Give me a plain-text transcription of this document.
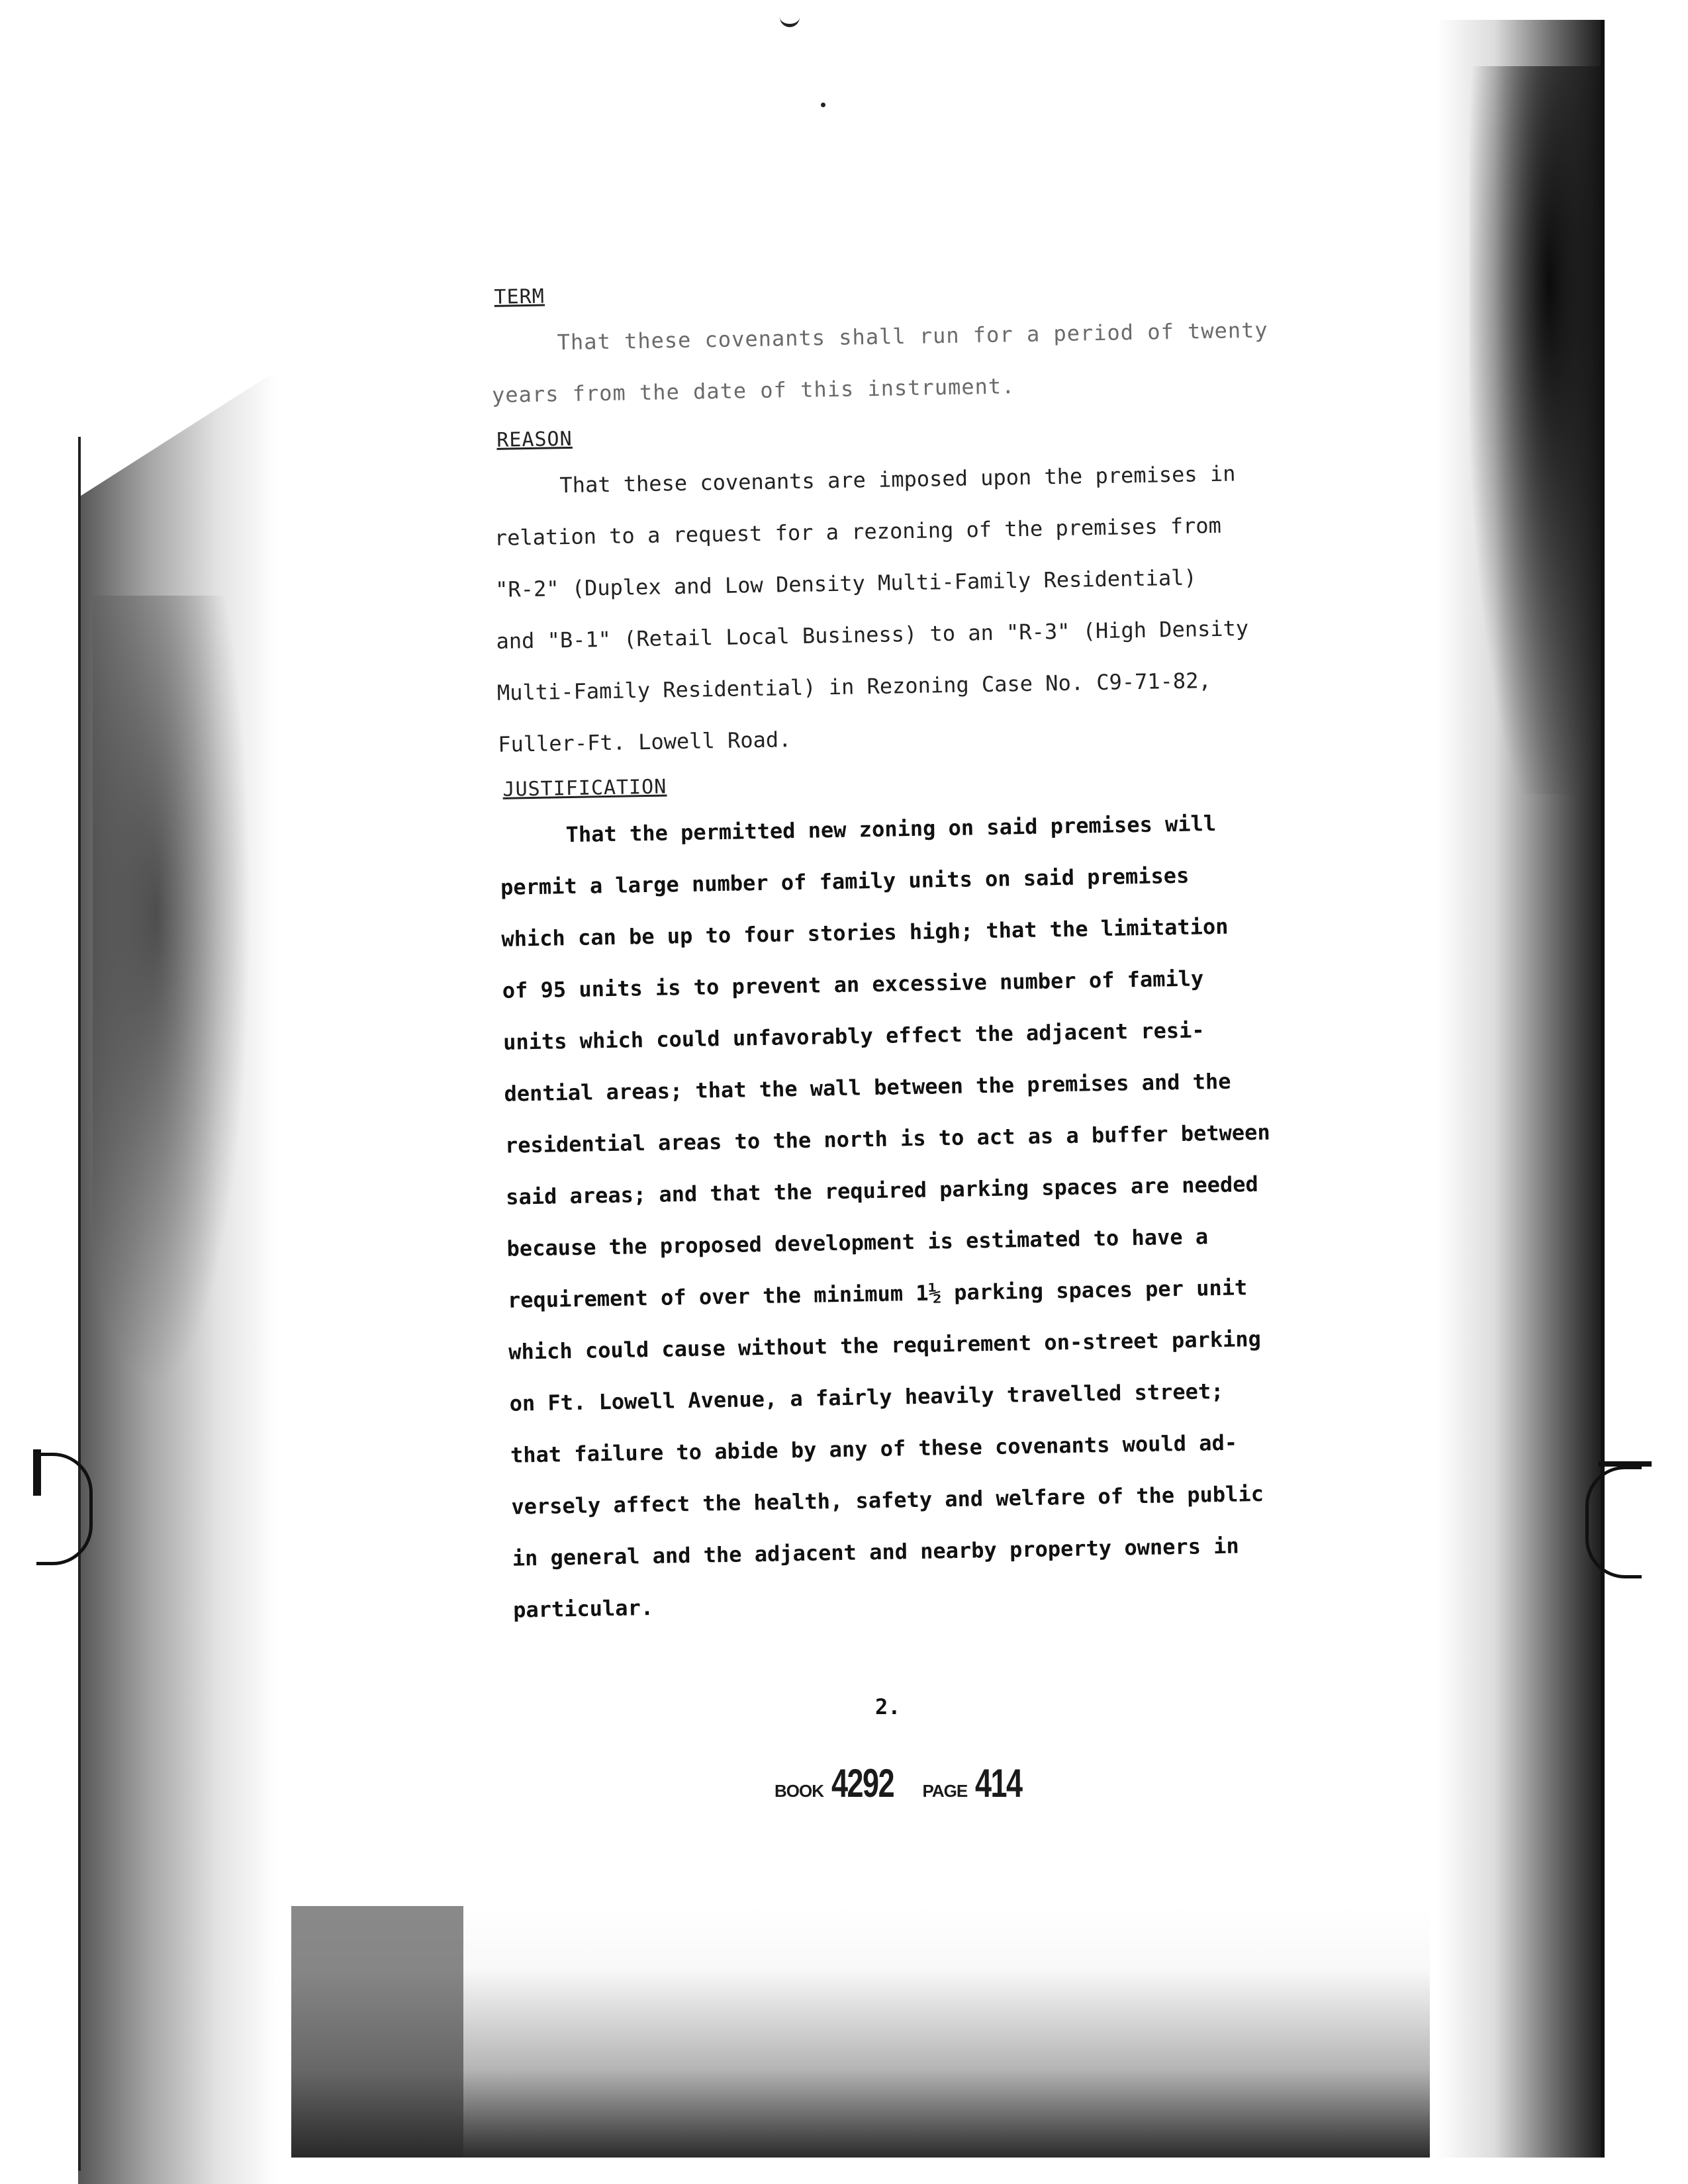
TERM

That these covenants shall run for a period of twenty

years from the date of this instrument.

REASON

That these covenants are imposed upon the premises in

relation to a request for a rezoning of the premises from

"R-2" (Duplex and Low Density Multi-Family Residential)

and "B-1" (Retail Local Business) to an "R-3" (High Density

Multi-Family Residential) in Rezoning Case No. C9-71-82,

Fuller-Ft. Lowell Road.

JUSTIFICATION

That the permitted new zoning on said premises will

permit a large number of family units on said premises

which can be up to four stories high; that the limitation

of 95 units is to prevent an excessive number of family

units which could unfavorably effect the adjacent resi-

dential areas; that the wall between the premises and the

residential areas to the north is to act as a buffer between

said areas; and that the required parking spaces are needed

because the proposed development is estimated to have a

requirement of over the minimum 1½ parking spaces per unit

which could cause without the requirement on-street parking

on Ft. Lowell Avenue, a fairly heavily travelled street;

that failure to abide by any of these covenants would ad-

versely affect the health, safety and welfare of the public

in general and the adjacent and nearby property owners in

particular.

2.
BOOK 4292 PAGE 414
